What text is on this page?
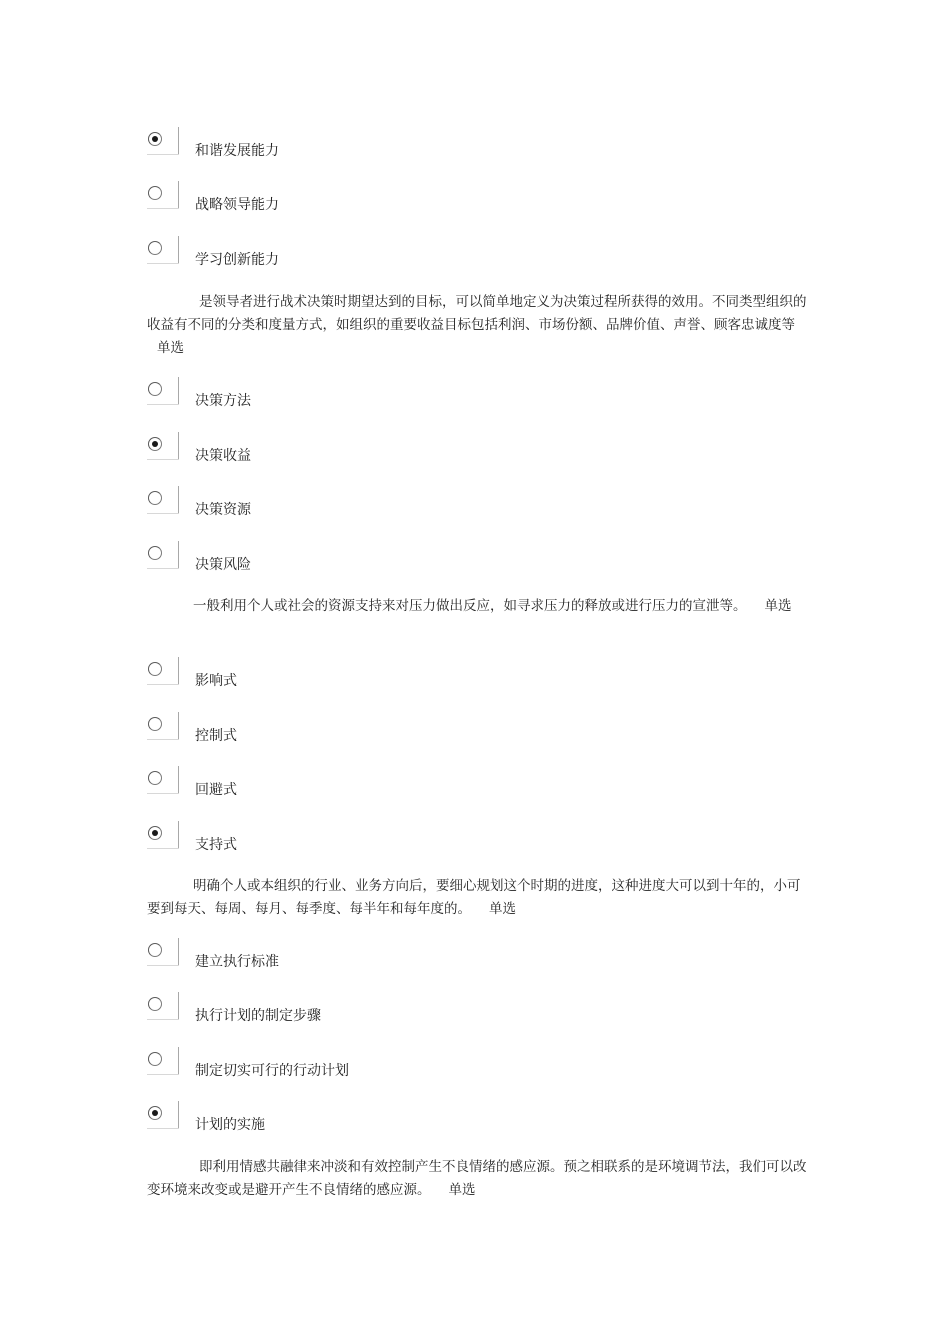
和谐发展能力
战略领导能力
学习创新能力

是领导者进行战术决策时期望达到的目标，可以简单地定义为决策过程所获得的效用。不同类型组织的收益有不同的分类和度量方式，如组织的重要收益目标包括利润、市场份额、品牌价值、声誉、顾客忠诚度等单选

决策方法
决策收益
决策资源
决策风险

一般利用个人或社会的资源支持来对压力做出反应，如寻求压力的释放或进行压力的宣泄等。 单选

影响式
控制式
回避式
支持式

明确个人或本组织的行业、业务方向后，要细心规划这个时期的进度，这种进度大可以到十年的，小可要到每天、每周、每月、每季度、每半年和每年度的。 单选

建立执行标准
执行计划的制定步骤
制定切实可行的行动计划
计划的实施

即利用情感共融律来冲淡和有效控制产生不良情绪的感应源。预之相联系的是环境调节法，我们可以改变环境来改变或是避开产生不良情绪的感应源。 单选
